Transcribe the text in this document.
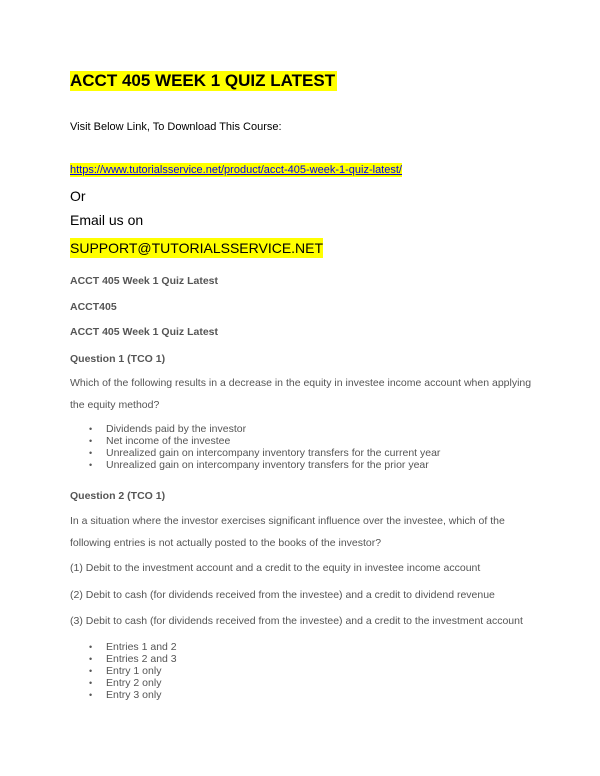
ACCT 405 WEEK 1 QUIZ LATEST

Visit Below Link, To Download This Course:

https://www.tutorialsservice.net/product/acct-405-week-1-quiz-latest/

Or

Email us on

SUPPORT@TUTORIALSSERVICE.NET

ACCT 405 Week 1 Quiz Latest

ACCT405

ACCT 405 Week 1 Quiz Latest

Question 1 (TCO 1)

Which of the following results in a decrease in the equity in investee income account when applying the equity method?

• Dividends paid by the investor
• Net income of the investee
• Unrealized gain on intercompany inventory transfers for the current year
• Unrealized gain on intercompany inventory transfers for the prior year

Question 2 (TCO 1)

In a situation where the investor exercises significant influence over the investee, which of the following entries is not actually posted to the books of the investor?

(1) Debit to the investment account and a credit to the equity in investee income account

(2) Debit to cash (for dividends received from the investee) and a credit to dividend revenue

(3) Debit to cash (for dividends received from the investee) and a credit to the investment account

• Entries 1 and 2
• Entries 2 and 3
• Entry 1 only
• Entry 2 only
• Entry 3 only
